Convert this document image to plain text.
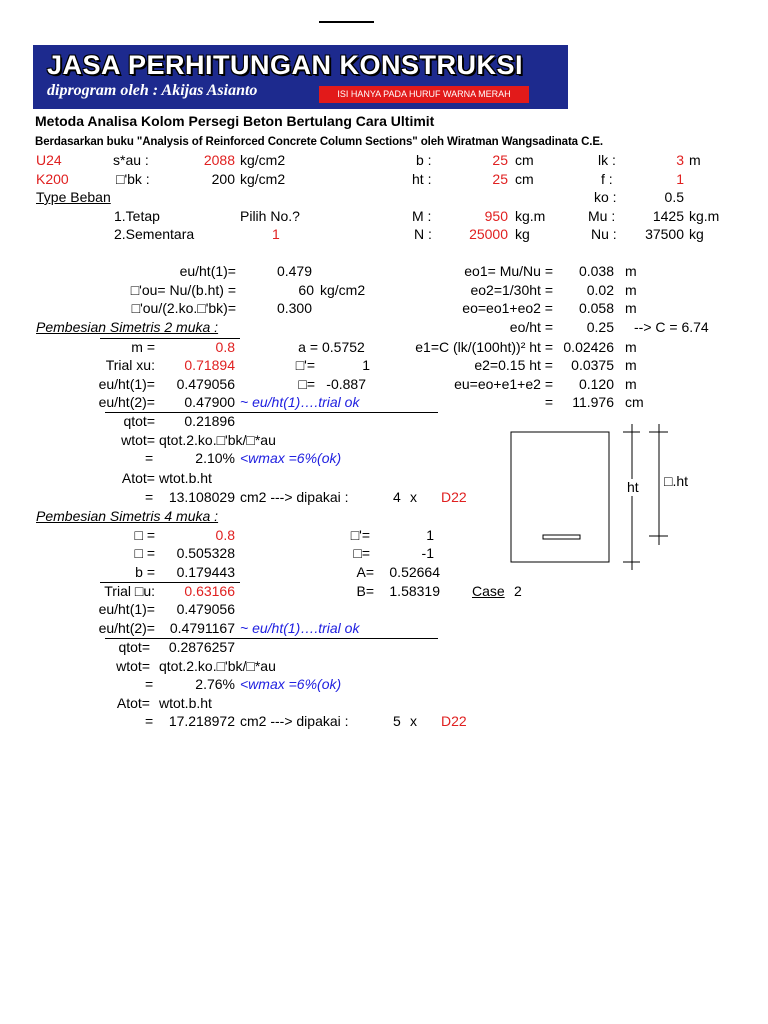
JASA PERHITUNGAN KONSTRUKSI
diprogram oleh : Akijas Asianto	ISI HANYA PADA HURUF WARNA MERAH
Metoda Analisa Kolom Persegi Beton Bertulang Cara Ultimit
Berdasarkan buku "Analysis of Reinforced Concrete Column Sections" oleh Wiratman Wangsadinata C.E.
U24	s*au :	2088 kg/cm2	b :	25 cm	lk :	3 m
K200	□'bk :	200 kg/cm2	ht :	25 cm	f :	1
Type Beban	ko :	0.5
1.Tetap	Pilih No.?	M :	950 kg.m	Mu :	1425 kg.m
2.Sementara	1	N :	25000 kg	Nu :	37500 kg
eu/ht(1)=	0.479	eo1= Mu/Nu =	0.038 m
□'ou= Nu/(b.ht) =	60 kg/cm2	eo2=1/30ht =	0.02 m
□'ou/(2.ko.□'bk)=	0.300	eo=eo1+eo2 =	0.058 m
Pembesian Simetris 2 muka :	eo/ht =	0.25 --> C = 6.74
m =	0.8	a = 0.5752	e1=C (lk/(100ht))² ht = 0.02426 m
Trial xu:	0.71894	□'=	1	e2=0.15 ht =	0.0375 m
eu/ht(1)=	0.479056	□= -0.887	eu=eo+e1+e2 =	0.120 m
eu/ht(2)=	0.47900 ~ eu/ht(1)….trial ok	=	11.976 cm
qtot=	0.21896
wtot= qtot.2.ko.□'bk/□*au
=	2.10% <wmax =6%(ok)
Atot= wtot.b.ht
=	13.108029 cm2 ---> dipakai :	4 x D22
Pembesian Simetris 4 muka :
□ =	0.8	□'=	1
□ =	0.505328	□=	-1
b =	0.179443	A=	0.52664
Trial □u:	0.63166	B=	1.58319 Case 2
eu/ht(1)=	0.479056
eu/ht(2)=	0.4791167 ~ eu/ht(1)….trial ok
qtot=	0.2876257
wtot= qtot.2.ko.□'bk/□*au
=	2.76% <wmax =6%(ok)
Atot= wtot.b.ht
=	17.218972 cm2 ---> dipakai :	5 x D22
ht □.ht
